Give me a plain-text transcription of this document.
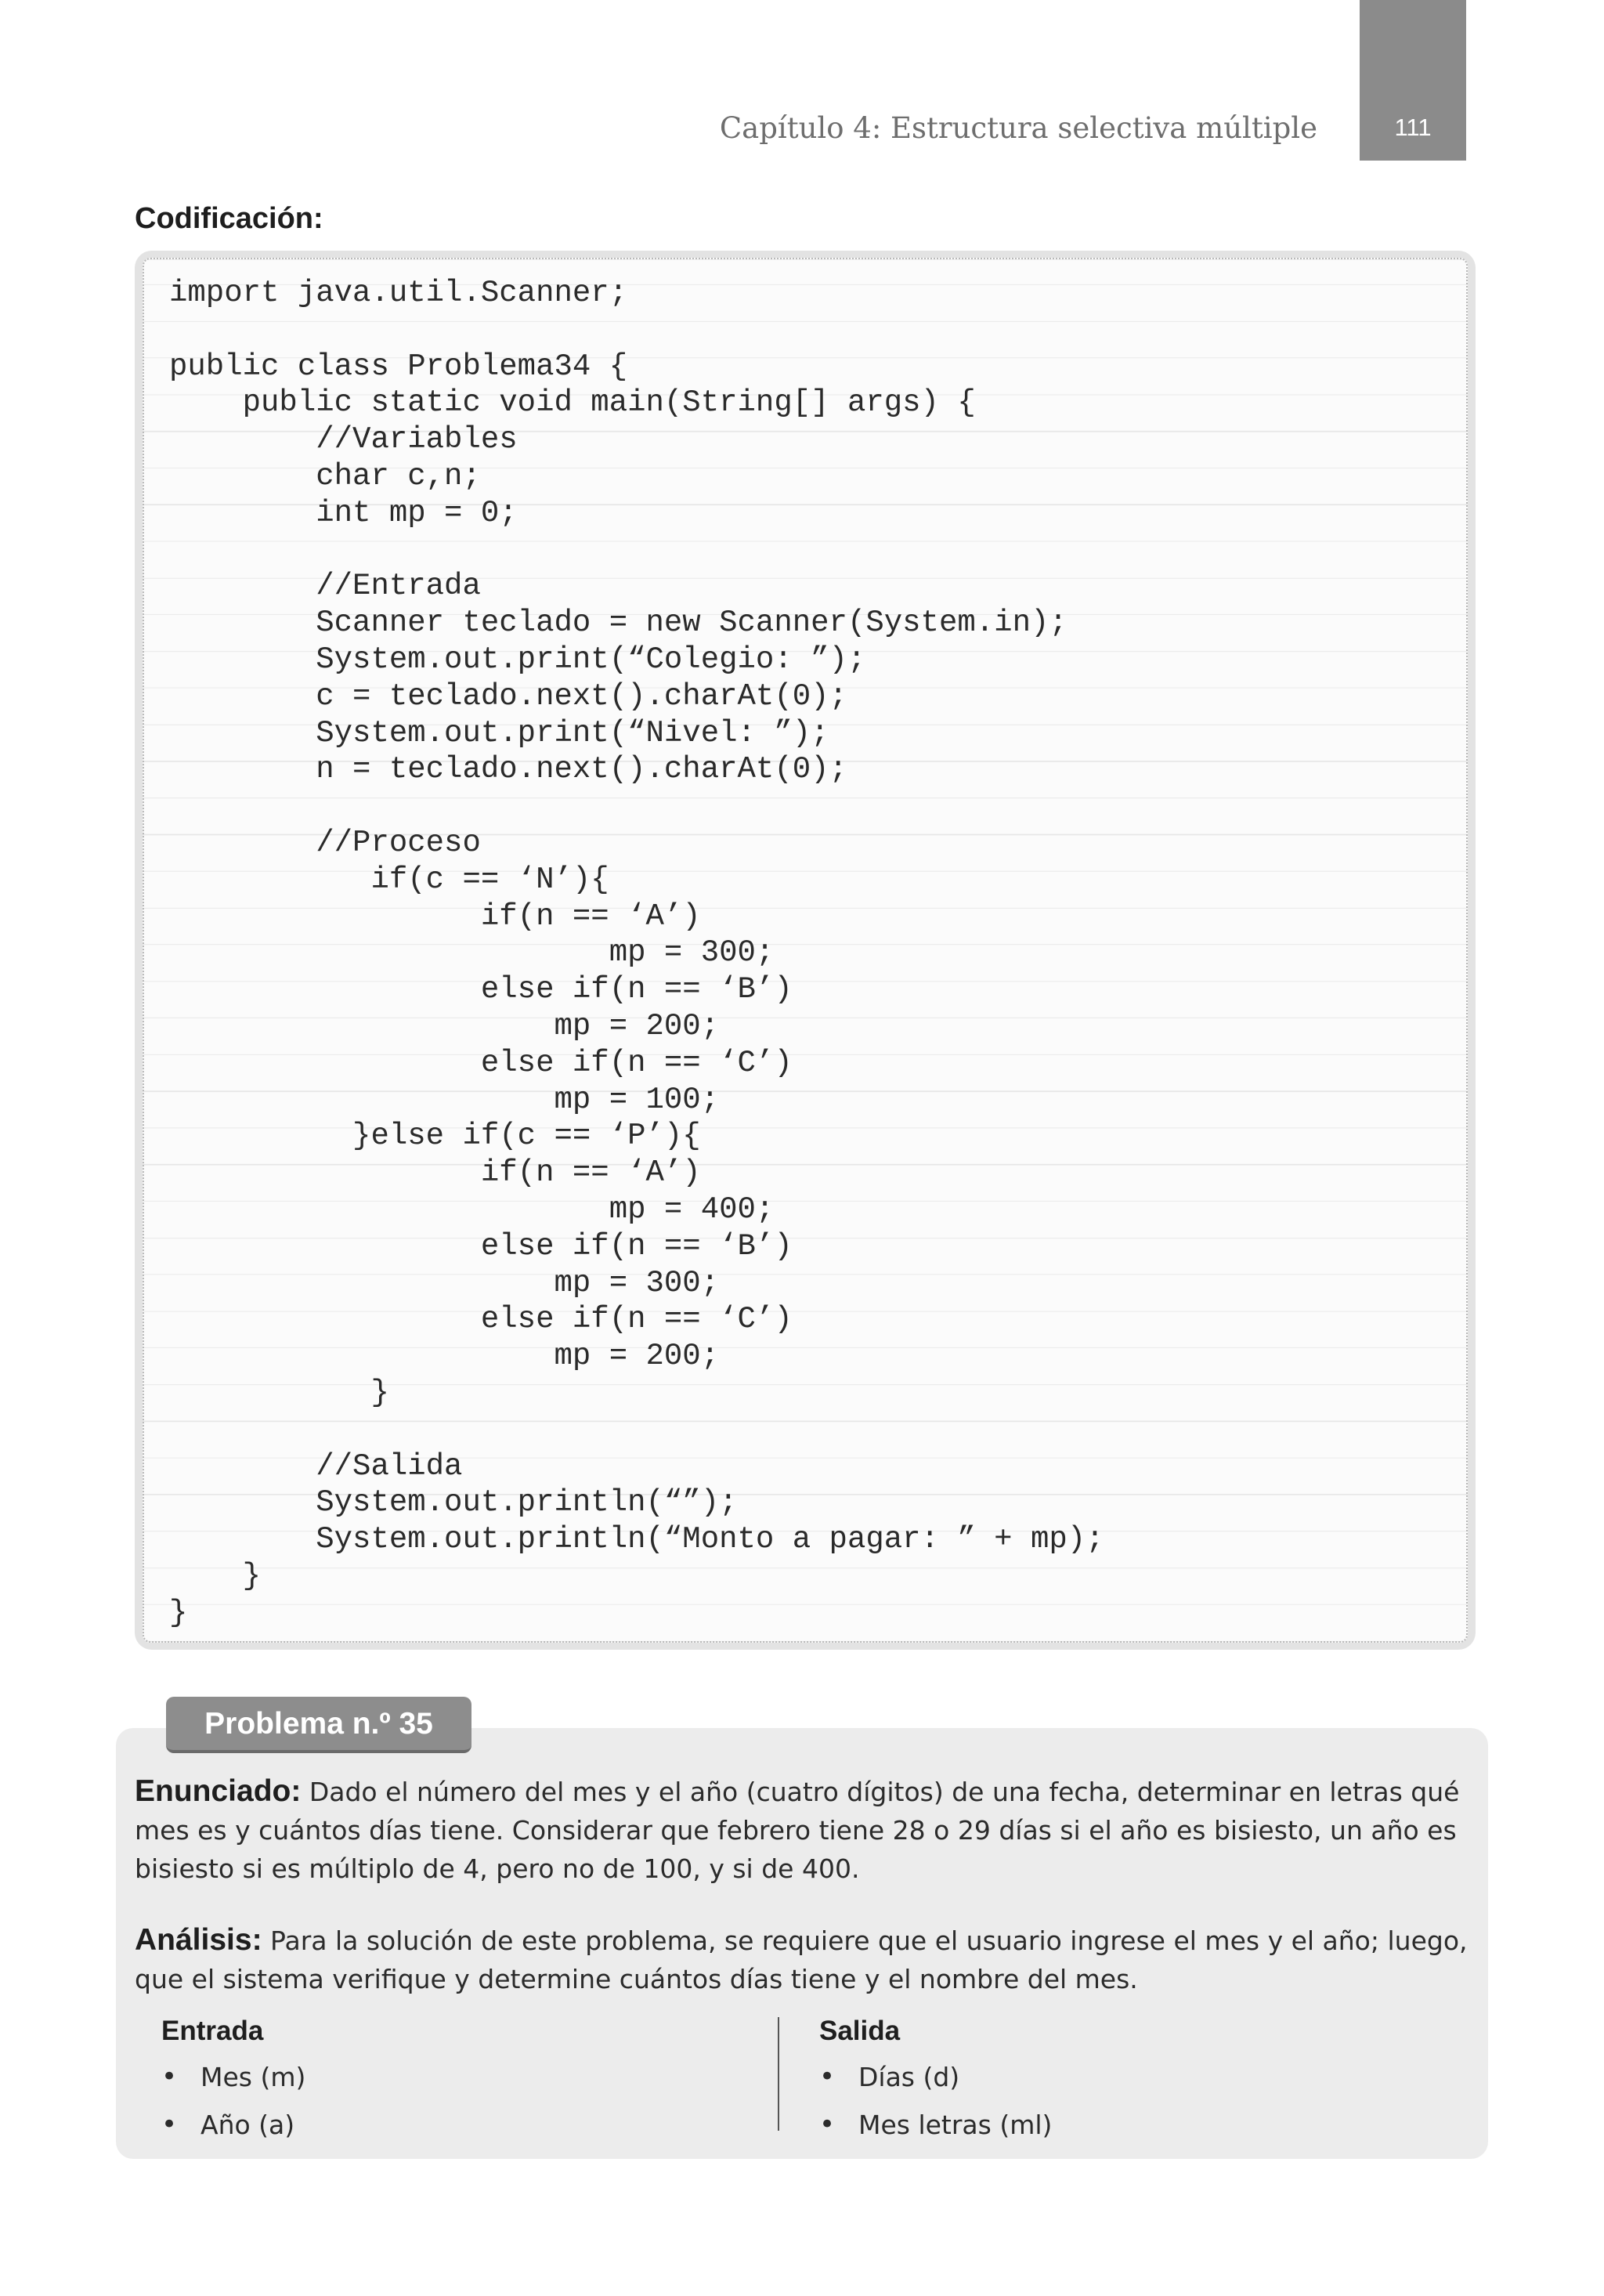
Capítulo 4: Estructura selectiva múltiple	111
Codificación:
import java.util.Scanner;

public class Problema34 {
public static void main(String[] args) {
//Variables
char c,n;
int mp = 0;

//Entrada
Scanner teclado = new Scanner(System.in);
System.out.print(“Colegio: ”);
c = teclado.next().charAt(0);
System.out.print(“Nivel: ”);
n = teclado.next().charAt(0);

//Proceso
if(c == ‘N’){
if(n == ‘A’)
mp = 300;
else if(n == ‘B’)
mp = 200;
else if(n == ‘C’)
mp = 100;
}else if(c == ‘P’){
if(n == ‘A’)
mp = 400;
else if(n == ‘B’)
mp = 300;
else if(n == ‘C’)
mp = 200;
}

//Salida
System.out.println(“”);
System.out.println(“Monto a pagar: ” + mp);
}
}
Problema n.º 35
Enunciado: Dado el número del mes y el año (cuatro dígitos) de una fecha, determinar en letras qué mes es y cuántos días tiene. Considerar que febrero tiene 28 o 29 días si el año es bisiesto, un año es bisiesto si es múltiplo de 4, pero no de 100, y si de 400.
Análisis: Para la solución de este problema, se requiere que el usuario ingrese el mes y el año; luego, que el sistema verifique y determine cuántos días tiene y el nombre del mes.
Entrada
• Mes (m)
• Año (a)
Salida
• Días (d)
• Mes letras (ml)
